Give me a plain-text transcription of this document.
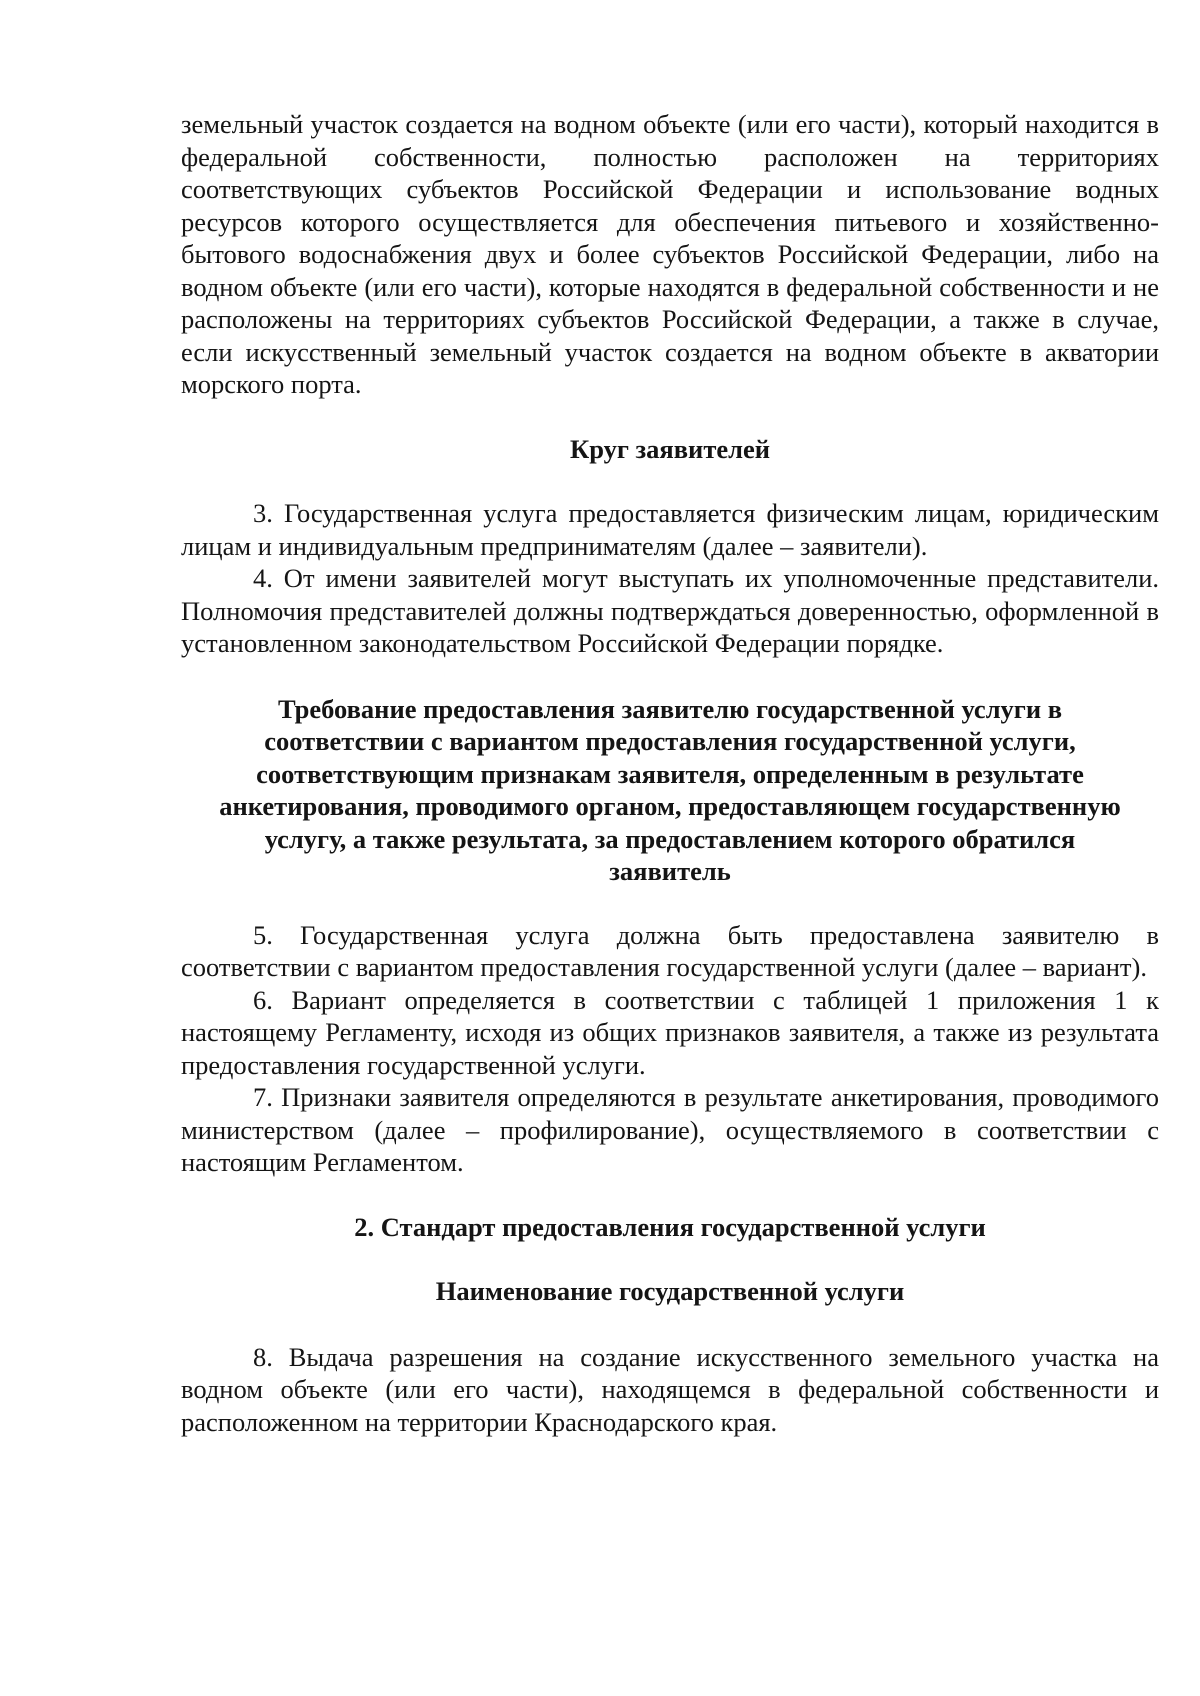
земельный участок создается на водном объекте (или его части), который находится в федеральной собственности, полностью расположен на территориях соответствующих субъектов Российской Федерации и использование водных ресурсов которого осуществляется для обеспечения питьевого и хозяйственно-бытового водоснабжения двух и более субъектов Российской Федерации, либо на водном объекте (или его части), которые находятся в федеральной собственности и не расположены на территориях субъектов Российской Федерации, а также в случае, если искусственный земельный участок создается на водном объекте в акватории морского порта.

Круг заявителей

3. Государственная услуга предоставляется физическим лицам, юридическим лицам и индивидуальным предпринимателям (далее – заявители).

4. От имени заявителей могут выступать их уполномоченные представители. Полномочия представителей должны подтверждаться доверенностью, оформленной в установленном законодательством Российской Федерации порядке.

Требование предоставления заявителю государственной услуги в соответствии с вариантом предоставления государственной услуги, соответствующим признакам заявителя, определенным в результате анкетирования, проводимого органом, предоставляющем государственную услугу, а также результата, за предоставлением которого обратился заявитель

5. Государственная услуга должна быть предоставлена заявителю в соответствии с вариантом предоставления государственной услуги (далее – вариант).

6. Вариант определяется в соответствии с таблицей 1 приложения 1 к настоящему Регламенту, исходя из общих признаков заявителя, а также из результата предоставления государственной услуги.

7. Признаки заявителя определяются в результате анкетирования, проводимого министерством (далее – профилирование), осуществляемого в соответствии с настоящим Регламентом.

2. Стандарт предоставления государственной услуги

Наименование государственной услуги

8. Выдача разрешения на создание искусственного земельного участка на водном объекте (или его части), находящемся в федеральной собственности и расположенном на территории Краснодарского края.
